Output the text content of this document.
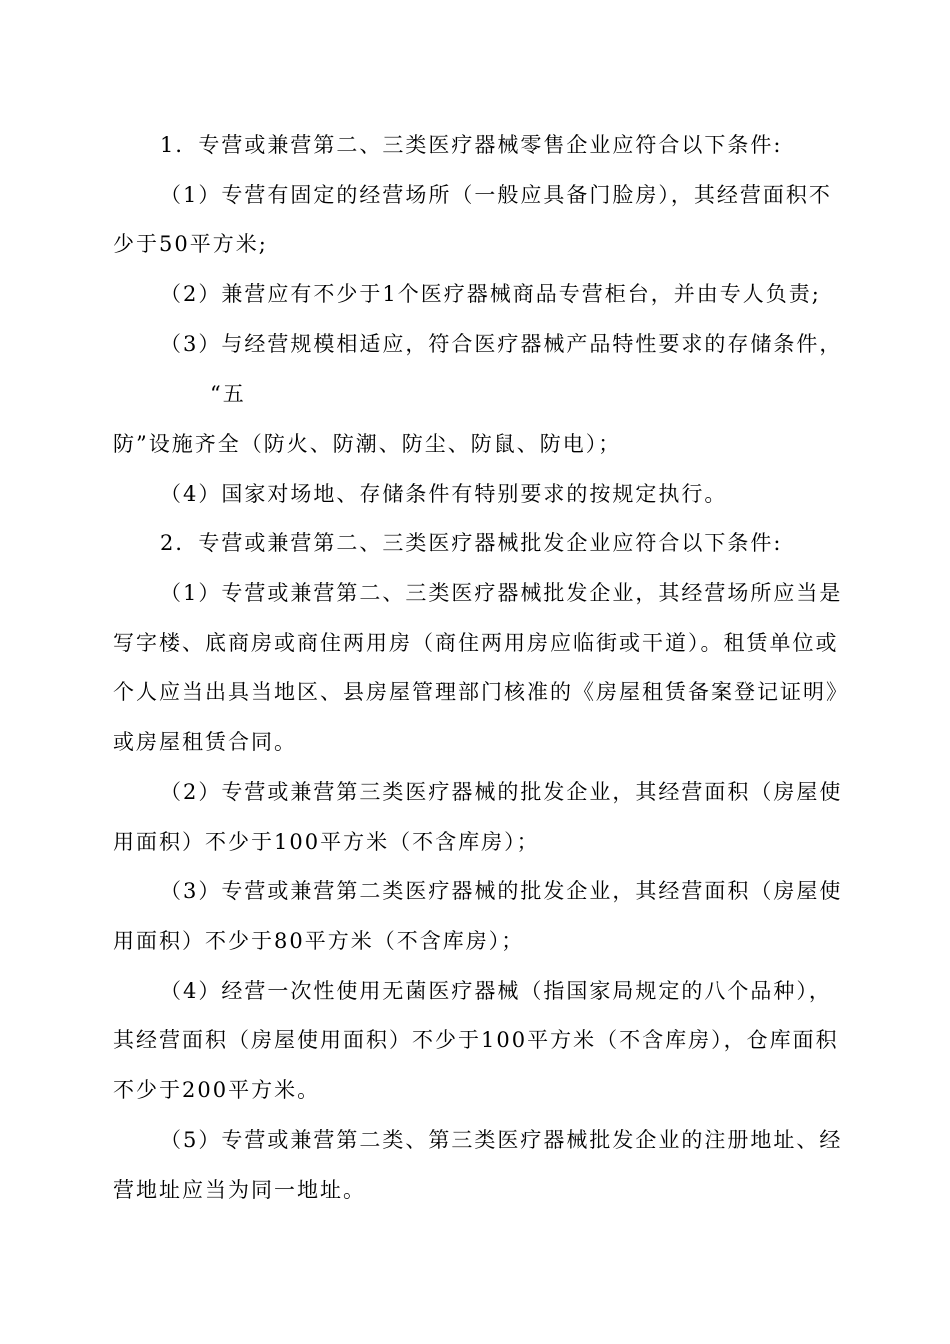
1．专营或兼营第二、三类医疗器械零售企业应符合以下条件:
（1）专营有固定的经营场所（一般应具备门脸房），其经营面积不
少于50平方米;
（2）兼营应有不少于1个医疗器械商品专营柜台，并由专人负责;
（3）与经营规模相适应，符合医疗器械产品特性要求的存储条件，
“五
防”设施齐全（防火、防潮、防尘、防鼠、防电）；
（4）国家对场地、存储条件有特别要求的按规定执行。
2．专营或兼营第二、三类医疗器械批发企业应符合以下条件:
（1）专营或兼营第二、三类医疗器械批发企业，其经营场所应当是
写字楼、底商房或商住两用房（商住两用房应临街或干道）。租赁单位或
个人应当出具当地区、县房屋管理部门核准的《房屋租赁备案登记证明》
或房屋租赁合同。
（2）专营或兼营第三类医疗器械的批发企业，其经营面积（房屋使
用面积）不少于100平方米（不含库房）；
（3）专营或兼营第二类医疗器械的批发企业，其经营面积（房屋使
用面积）不少于80平方米（不含库房）；
（4）经营一次性使用无菌医疗器械（指国家局规定的八个品种），
其经营面积（房屋使用面积）不少于100平方米（不含库房），仓库面积
不少于200平方米。
（5）专营或兼营第二类、第三类医疗器械批发企业的注册地址、经
营地址应当为同一地址。
